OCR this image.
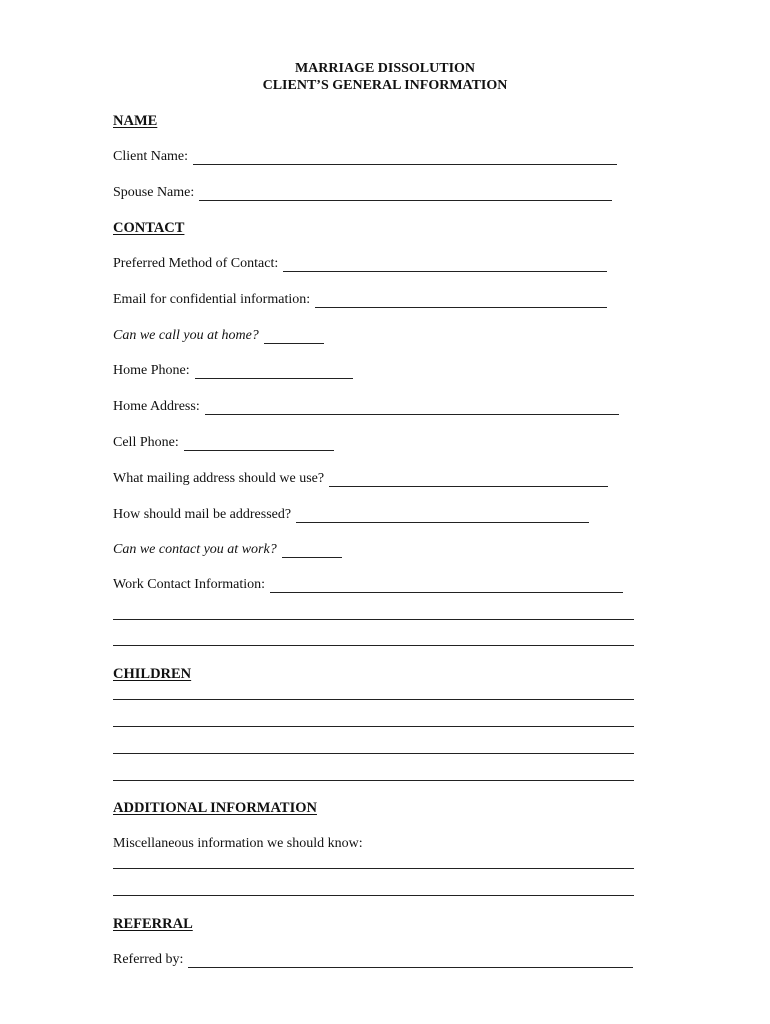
MARRIAGE DISSOLUTION
CLIENT’S GENERAL INFORMATION
NAME
Client Name:
Spouse Name:
CONTACT
Preferred Method of Contact:
Email for confidential information:
Can we call you at home?
Home Phone:
Home Address:
Cell Phone:
What mailing address should we use?
How should mail be addressed?
Can we contact you at work?
Work Contact Information:
CHILDREN
ADDITIONAL INFORMATION
Miscellaneous information we should know:
REFERRAL
Referred by:
